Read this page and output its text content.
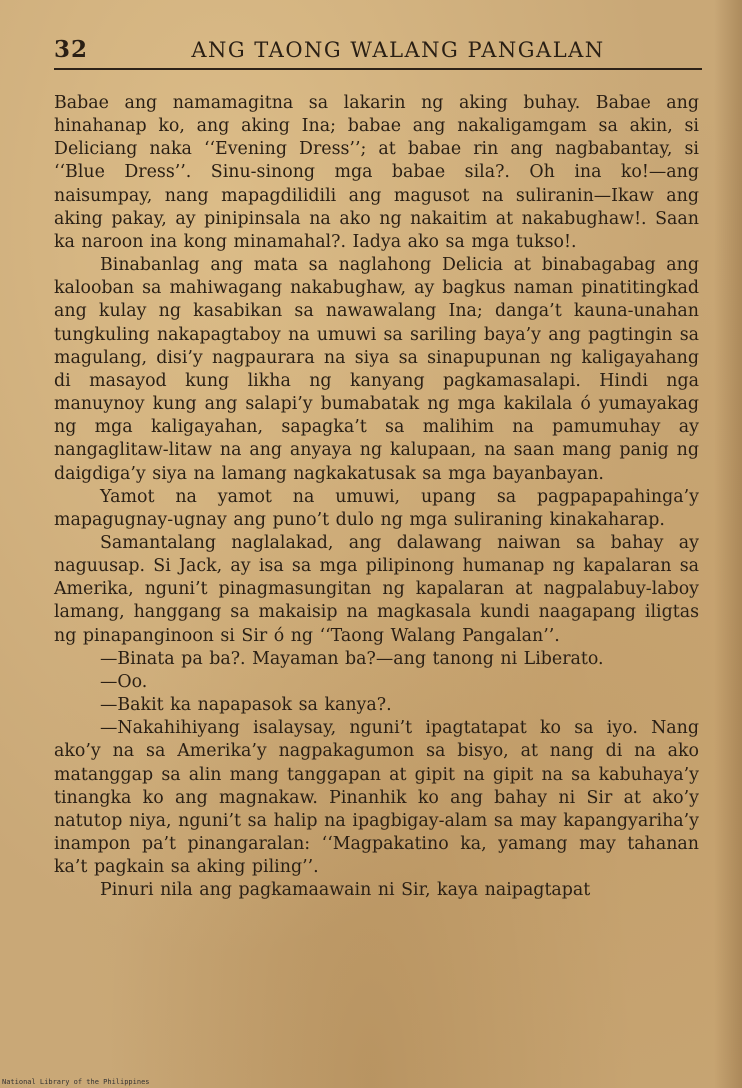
32	ANG TAONG WALANG PANGALAN

Babae ang namamagitna sa lakarin ng aking buhay. Babae ang hinahanap ko, ang aking Ina; babae ang nakaligamgam sa akin, si Deliciang naka ‘‘Evening Dress’’; at babae rin ang nagbabantay, si ‘‘Blue Dress’’. Sinu-sinong mga babae sila?. Oh ina ko!—ang naisumpay, nang mapagdilidili ang magusot na suliranin—Ikaw ang aking pakay, ay pinipinsala na ako ng nakaitim at nakabughaw!. Saan ka naroon ina kong minamahal?. Iadya ako sa mga tukso!.

Binabanlag ang mata sa naglahong Delicia at binabagabag ang kalooban sa mahiwagang nakabughaw, ay bagkus naman pinatitingkad ang kulay ng kasabikan sa nawawalang Ina; danga’t kauna-unahan tungkuling nakapagtaboy na umuwi sa sariling baya’y ang pagtingin sa magulang, disi’y nagpaurara na siya sa sinapupunan ng kaligayahang di masayod kung likha ng kanyang pagkamasalapi. Hindi nga manuynoy kung ang salapi’y bumabatak ng mga kakilala ó yumayakag ng mga kaligayahan, sapagka’t sa malihim na pamumuhay ay nangaglitaw-litaw na ang anyaya ng kalupaan, na saan mang panig ng daigdiga’y siya na lamang nagkakatusak sa mga bayanbayan.

Yamot na yamot na umuwi, upang sa pagpapapahinga’y mapagugnay-ugnay ang puno’t dulo ng mga suliraning kinakaharap.

Samantalang naglalakad, ang dalawang naiwan sa bahay ay naguusap. Si Jack, ay isa sa mga pilipinong humanap ng kapalaran sa Amerika, nguni’t pinagmasungitan ng kapalaran at nagpalabuy-laboy lamang, hanggang sa makaisip na magkasala kundi naagapang iligtas ng pinapanginoon si Sir ó ng ‘‘Taong Walang Pangalan’’.

—Binata pa ba?. Mayaman ba?—ang tanong ni Liberato.

—Oo.

—Bakit ka napapasok sa kanya?.

—Nakahihiyang isalaysay, nguni’t ipagtatapat ko sa iyo. Nang ako’y na sa Amerika’y nagpakagumon sa bisyo, at nang di na ako matanggap sa alin mang tanggapan at gipit na gipit na sa kabuhaya’y tinangka ko ang magnakaw. Pinanhik ko ang bahay ni Sir at ako’y natutop niya, nguni’t sa halip na ipagbigay-alam sa may kapangyariha’y inampon pa’t pinangaralan: ‘‘Magpakatino ka, yamang may tahanan ka’t pagkain sa aking piling’’.

Pinuri nila ang pagkamaawain ni Sir, kaya naipagtapat

National Library of the Philippines
